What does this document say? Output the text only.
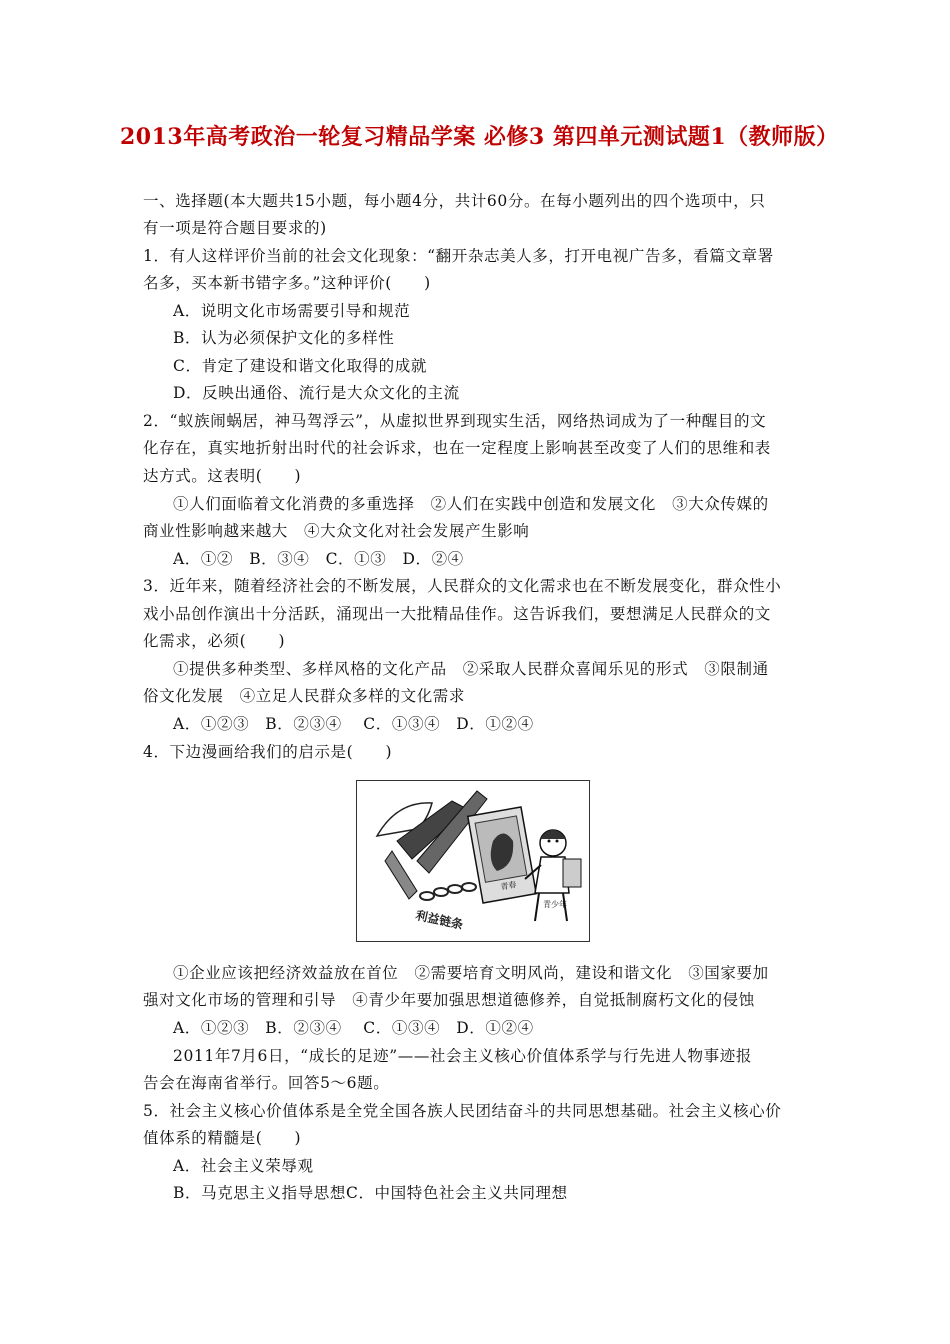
2013年高考政治一轮复习精品学案 必修3 第四单元测试题1（教师版）
一、选择题(本大题共15小题，每小题4分，共计60分。在每小题列出的四个选项中，只
有一项是符合题目要求的)
1．有人这样评价当前的社会文化现象：“翻开杂志美人多，打开电视广告多，看篇文章署
名多，买本新书错字多。”这种评价(　　)
A．说明文化市场需要引导和规范
B．认为必须保护文化的多样性
C．肯定了建设和谐文化取得的成就
D．反映出通俗、流行是大众文化的主流
2．“蚁族闹蜗居，神马驾浮云”，从虚拟世界到现实生活，网络热词成为了一种醒目的文
化存在，真实地折射出时代的社会诉求，也在一定程度上影响甚至改变了人们的思维和表
达方式。这表明(　　)
①人们面临着文化消费的多重选择　②人们在实践中创造和发展文化　③大众传媒的
商业性影响越来越大　④大众文化对社会发展产生影响
A．①②　B．③④　C．①③　D．②④
3．近年来，随着经济社会的不断发展，人民群众的文化需求也在不断发展变化，群众性小
戏小品创作演出十分活跃，涌现出一大批精品佳作。这告诉我们，要想满足人民群众的文
化需求，必须(　　)
①提供多种类型、多样风格的文化产品　②采取人民群众喜闻乐见的形式　③限制通
俗文化发展　④立足人民群众多样的文化需求
A．①②③　B．②③④　 C．①③④　D．①②④
4．下边漫画给我们的启示是(　　)
利益链条
青春
青少年
①企业应该把经济效益放在首位　②需要培育文明风尚，建设和谐文化　③国家要加
强对文化市场的管理和引导　④青少年要加强思想道德修养，自觉抵制腐朽文化的侵蚀
A．①②③　B．②③④　 C．①③④　D．①②④
2011年7月6日，“成长的足迹”——社会主义核心价值体系学与行先进人物事迹报
告会在海南省举行。回答5～6题。
5．社会主义核心价值体系是全党全国各族人民团结奋斗的共同思想基础。社会主义核心价
值体系的精髓是(　　)
A．社会主义荣辱观
B．马克思主义指导思想C．中国特色社会主义共同理想
